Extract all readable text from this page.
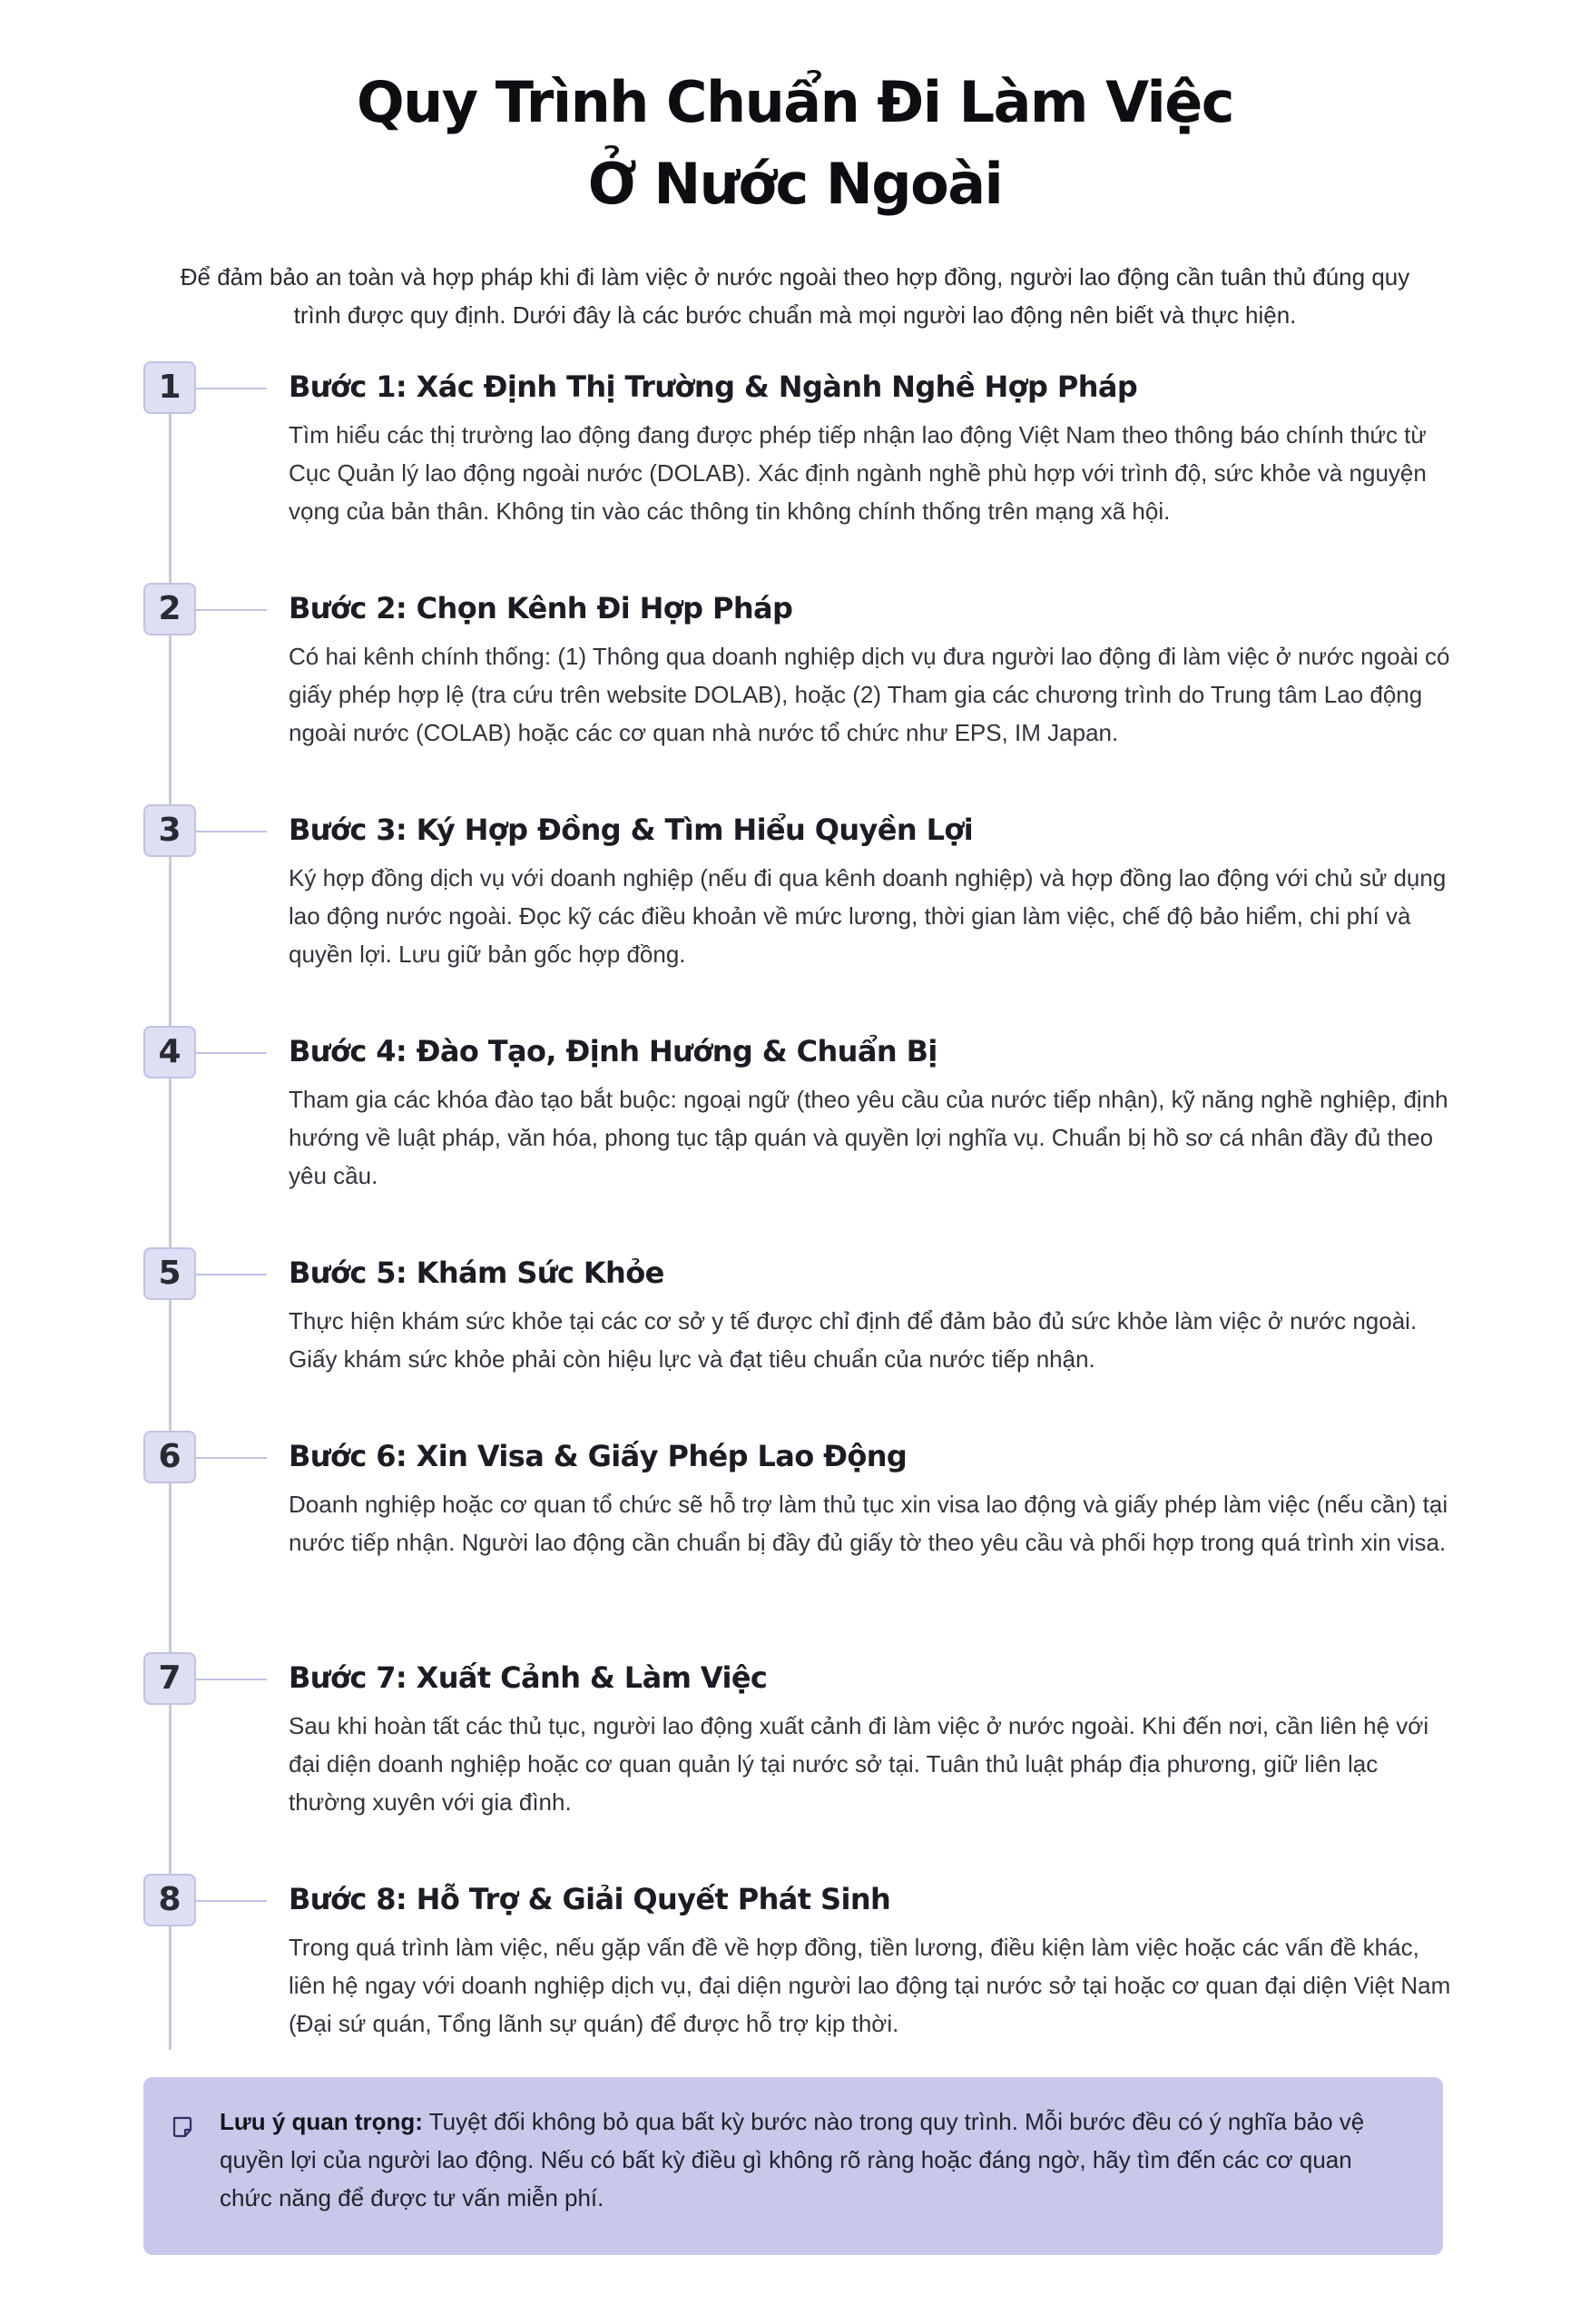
Quy Trình Chuẩn Đi Làm Việc
Ở Nước Ngoài

Để đảm bảo an toàn và hợp pháp khi đi làm việc ở nước ngoài theo hợp đồng, người lao động cần tuân thủ đúng quy trình được quy định. Dưới đây là các bước chuẩn mà mọi người lao động nên biết và thực hiện.

1	Bước 1: Xác Định Thị Trường & Ngành Nghề Hợp Pháp

Tìm hiểu các thị trường lao động đang được phép tiếp nhận lao động Việt Nam theo thông báo chính thức từ Cục Quản lý lao động ngoài nước (DOLAB). Xác định ngành nghề phù hợp với trình độ, sức khỏe và nguyện vọng của bản thân. Không tin vào các thông tin không chính thống trên mạng xã hội.

2	Bước 2: Chọn Kênh Đi Hợp Pháp

Có hai kênh chính thống: (1) Thông qua doanh nghiệp dịch vụ đưa người lao động đi làm việc ở nước ngoài có giấy phép hợp lệ (tra cứu trên website DOLAB), hoặc (2) Tham gia các chương trình do Trung tâm Lao động ngoài nước (COLAB) hoặc các cơ quan nhà nước tổ chức như EPS, IM Japan.

3	Bước 3: Ký Hợp Đồng & Tìm Hiểu Quyền Lợi

Ký hợp đồng dịch vụ với doanh nghiệp (nếu đi qua kênh doanh nghiệp) và hợp đồng lao động với chủ sử dụng lao động nước ngoài. Đọc kỹ các điều khoản về mức lương, thời gian làm việc, chế độ bảo hiểm, chi phí và quyền lợi. Lưu giữ bản gốc hợp đồng.

4	Bước 4: Đào Tạo, Định Hướng & Chuẩn Bị

Tham gia các khóa đào tạo bắt buộc: ngoại ngữ (theo yêu cầu của nước tiếp nhận), kỹ năng nghề nghiệp, định hướng về luật pháp, văn hóa, phong tục tập quán và quyền lợi nghĩa vụ. Chuẩn bị hồ sơ cá nhân đầy đủ theo yêu cầu.

5	Bước 5: Khám Sức Khỏe

Thực hiện khám sức khỏe tại các cơ sở y tế được chỉ định để đảm bảo đủ sức khỏe làm việc ở nước ngoài. Giấy khám sức khỏe phải còn hiệu lực và đạt tiêu chuẩn của nước tiếp nhận.

6	Bước 6: Xin Visa & Giấy Phép Lao Động

Doanh nghiệp hoặc cơ quan tổ chức sẽ hỗ trợ làm thủ tục xin visa lao động và giấy phép làm việc (nếu cần) tại nước tiếp nhận. Người lao động cần chuẩn bị đầy đủ giấy tờ theo yêu cầu và phối hợp trong quá trình xin visa.

7	Bước 7: Xuất Cảnh & Làm Việc

Sau khi hoàn tất các thủ tục, người lao động xuất cảnh đi làm việc ở nước ngoài. Khi đến nơi, cần liên hệ với đại diện doanh nghiệp hoặc cơ quan quản lý tại nước sở tại. Tuân thủ luật pháp địa phương, giữ liên lạc thường xuyên với gia đình.

8	Bước 8: Hỗ Trợ & Giải Quyết Phát Sinh

Trong quá trình làm việc, nếu gặp vấn đề về hợp đồng, tiền lương, điều kiện làm việc hoặc các vấn đề khác, liên hệ ngay với doanh nghiệp dịch vụ, đại diện người lao động tại nước sở tại hoặc cơ quan đại diện Việt Nam (Đại sứ quán, Tổng lãnh sự quán) để được hỗ trợ kịp thời.

Lưu ý quan trọng: Tuyệt đối không bỏ qua bất kỳ bước nào trong quy trình. Mỗi bước đều có ý nghĩa bảo vệ quyền lợi của người lao động. Nếu có bất kỳ điều gì không rõ ràng hoặc đáng ngờ, hãy tìm đến các cơ quan chức năng để được tư vấn miễn phí.
